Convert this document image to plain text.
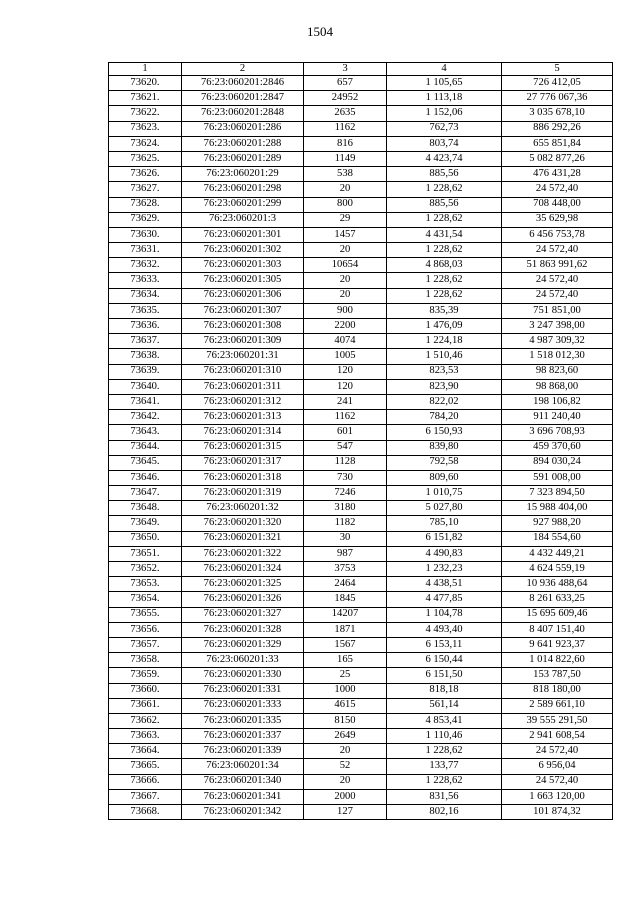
1504
1	2	3	4	5
73620.	76:23:060201:2846	657	1 105,65	726 412,05
73621.	76:23:060201:2847	24952	1 113,18	27 776 067,36
73622.	76:23:060201:2848	2635	1 152,06	3 035 678,10
73623.	76:23:060201:286	1162	762,73	886 292,26
73624.	76:23:060201:288	816	803,74	655 851,84
73625.	76:23:060201:289	1149	4 423,74	5 082 877,26
73626.	76:23:060201:29	538	885,56	476 431,28
73627.	76:23:060201:298	20	1 228,62	24 572,40
73628.	76:23:060201:299	800	885,56	708 448,00
73629.	76:23:060201:3	29	1 228,62	35 629,98
73630.	76:23:060201:301	1457	4 431,54	6 456 753,78
73631.	76:23:060201:302	20	1 228,62	24 572,40
73632.	76:23:060201:303	10654	4 868,03	51 863 991,62
73633.	76:23:060201:305	20	1 228,62	24 572,40
73634.	76:23:060201:306	20	1 228,62	24 572,40
73635.	76:23:060201:307	900	835,39	751 851,00
73636.	76:23:060201:308	2200	1 476,09	3 247 398,00
73637.	76:23:060201:309	4074	1 224,18	4 987 309,32
73638.	76:23:060201:31	1005	1 510,46	1 518 012,30
73639.	76:23:060201:310	120	823,53	98 823,60
73640.	76:23:060201:311	120	823,90	98 868,00
73641.	76:23:060201:312	241	822,02	198 106,82
73642.	76:23:060201:313	1162	784,20	911 240,40
73643.	76:23:060201:314	601	6 150,93	3 696 708,93
73644.	76:23:060201:315	547	839,80	459 370,60
73645.	76:23:060201:317	1128	792,58	894 030,24
73646.	76:23:060201:318	730	809,60	591 008,00
73647.	76:23:060201:319	7246	1 010,75	7 323 894,50
73648.	76:23:060201:32	3180	5 027,80	15 988 404,00
73649.	76:23:060201:320	1182	785,10	927 988,20
73650.	76:23:060201:321	30	6 151,82	184 554,60
73651.	76:23:060201:322	987	4 490,83	4 432 449,21
73652.	76:23:060201:324	3753	1 232,23	4 624 559,19
73653.	76:23:060201:325	2464	4 438,51	10 936 488,64
73654.	76:23:060201:326	1845	4 477,85	8 261 633,25
73655.	76:23:060201:327	14207	1 104,78	15 695 609,46
73656.	76:23:060201:328	1871	4 493,40	8 407 151,40
73657.	76:23:060201:329	1567	6 153,11	9 641 923,37
73658.	76:23:060201:33	165	6 150,44	1 014 822,60
73659.	76:23:060201:330	25	6 151,50	153 787,50
73660.	76:23:060201:331	1000	818,18	818 180,00
73661.	76:23:060201:333	4615	561,14	2 589 661,10
73662.	76:23:060201:335	8150	4 853,41	39 555 291,50
73663.	76:23:060201:337	2649	1 110,46	2 941 608,54
73664.	76:23:060201:339	20	1 228,62	24 572,40
73665.	76:23:060201:34	52	133,77	6 956,04
73666.	76:23:060201:340	20	1 228,62	24 572,40
73667.	76:23:060201:341	2000	831,56	1 663 120,00
73668.	76:23:060201:342	127	802,16	101 874,32
